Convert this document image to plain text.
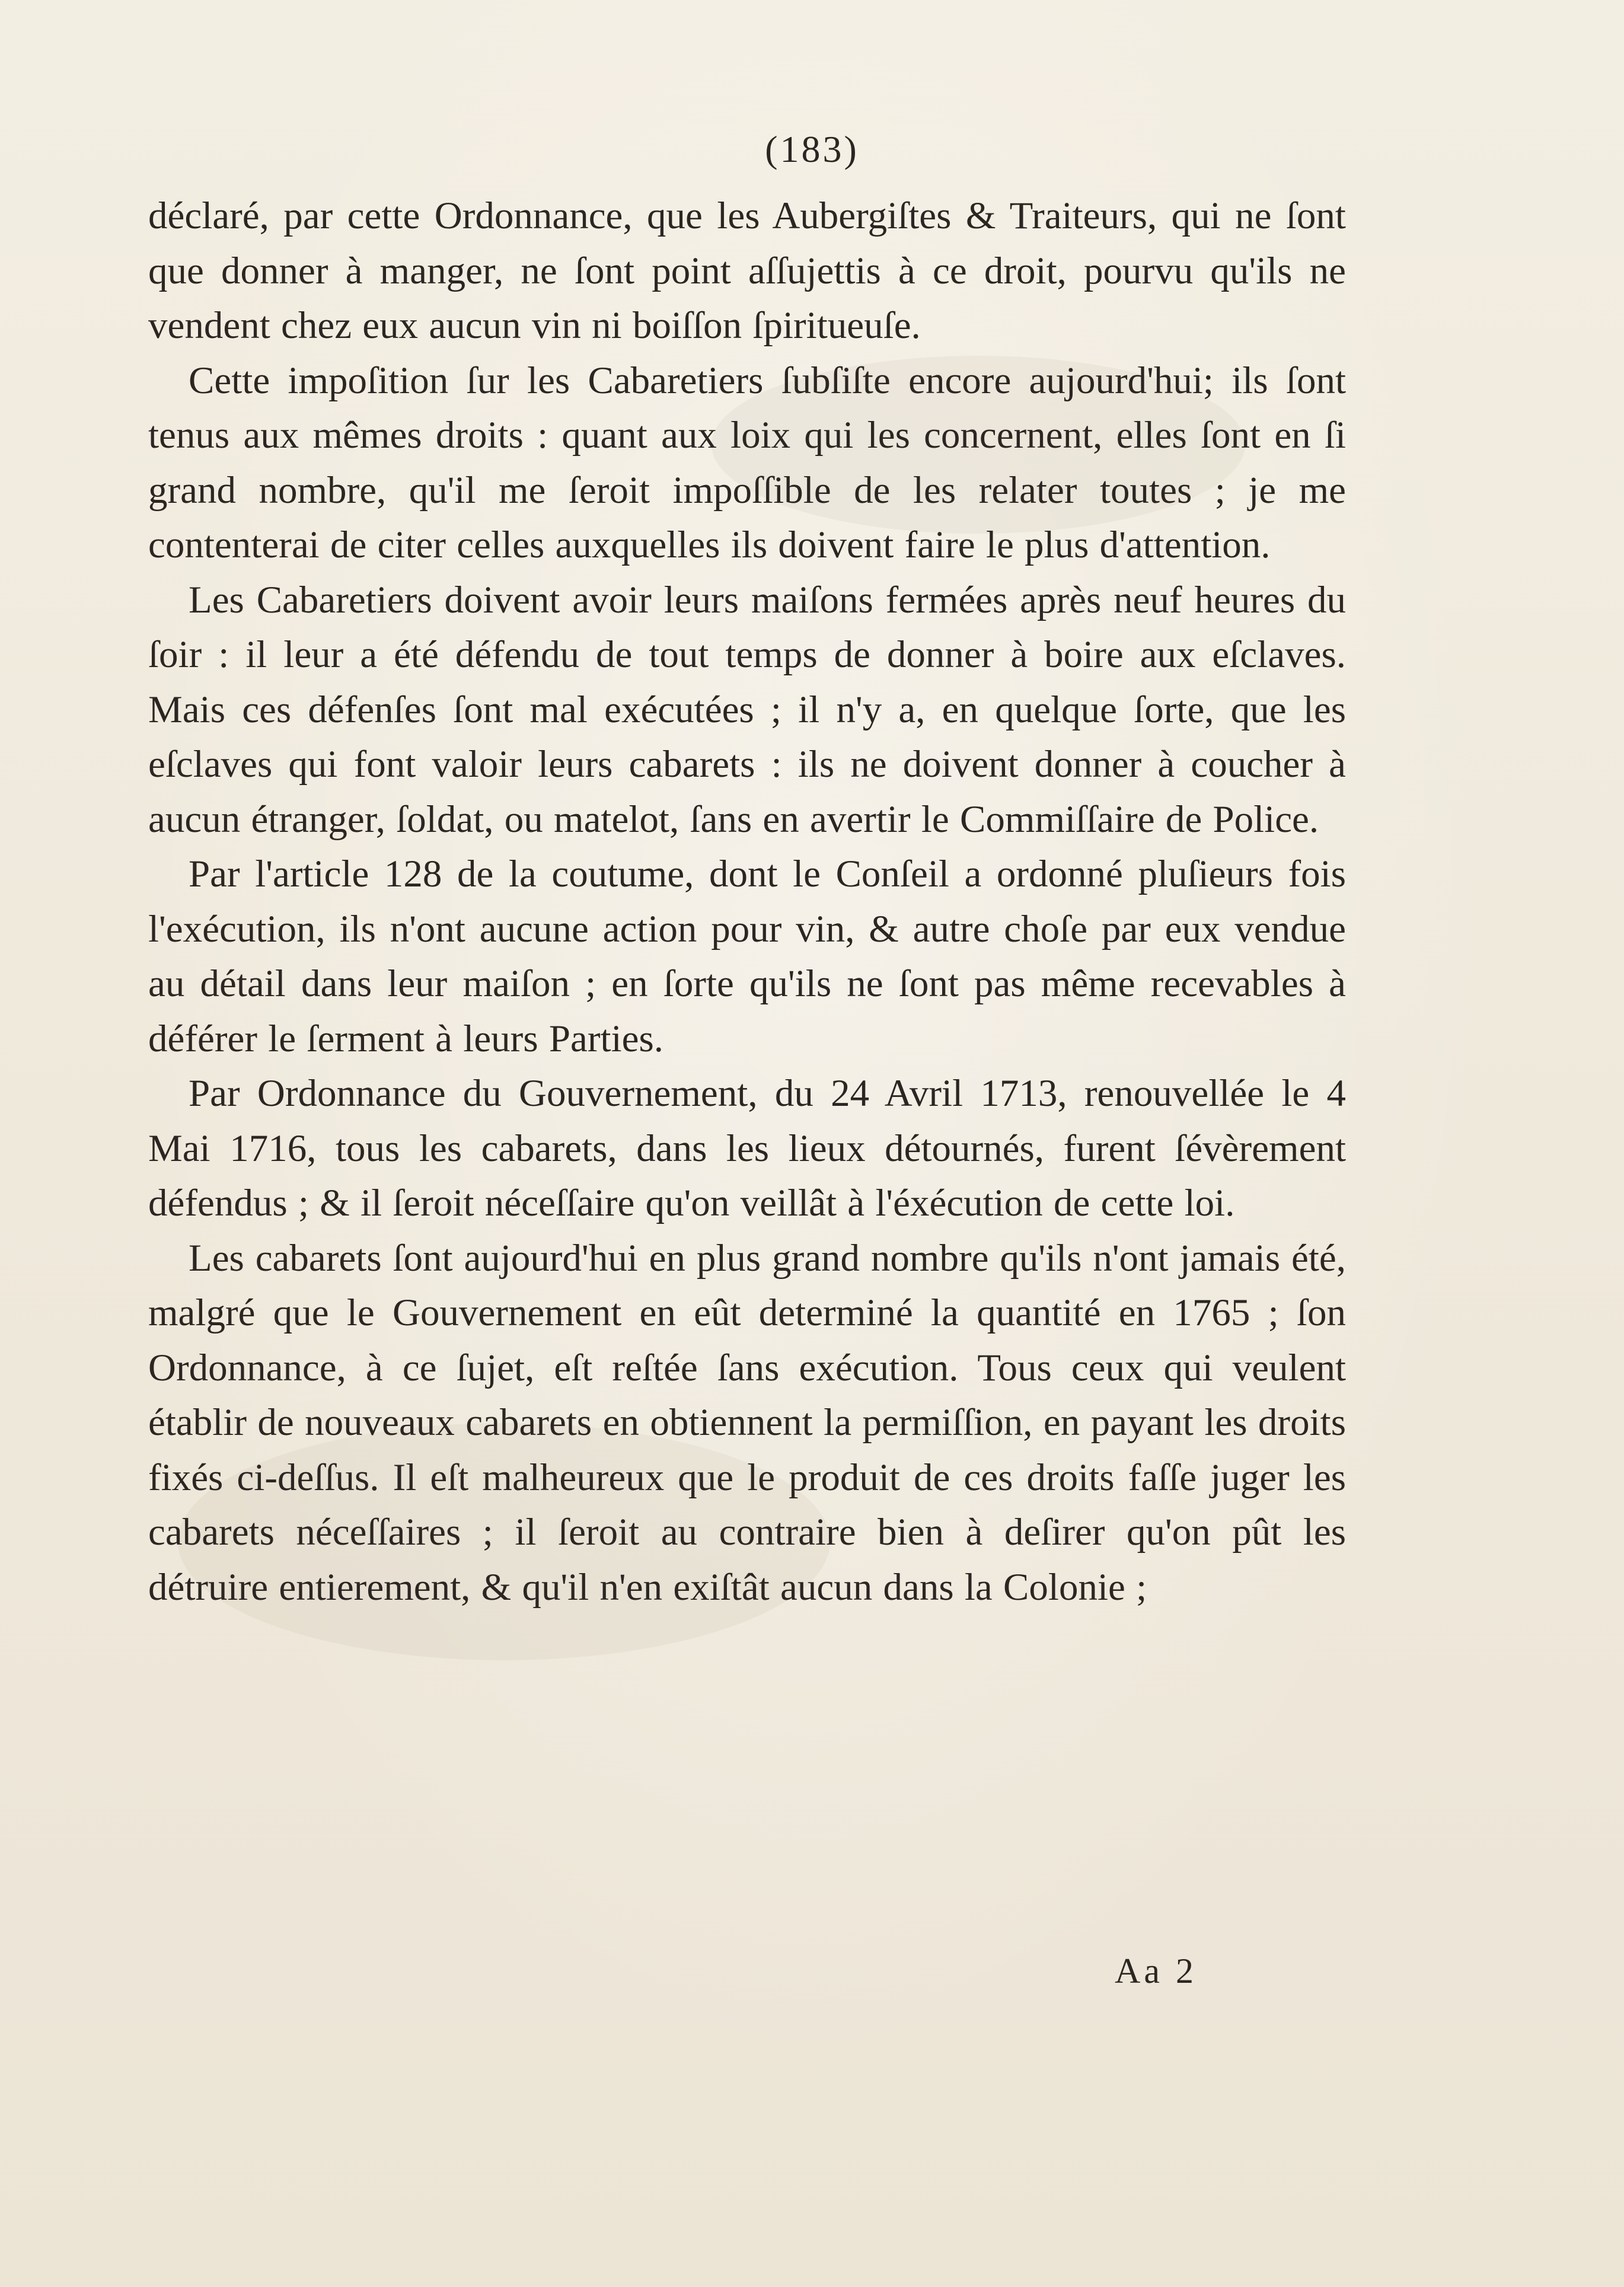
(183)

déclaré, par cette Ordonnance, que les Aubergiſtes & Traiteurs, qui ne ſont que donner à manger, ne ſont point aſſujettis à ce droit, pourvu qu'ils ne vendent chez eux aucun vin ni boiſſon ſpiritueuſe.

Cette impoſition ſur les Cabaretiers ſubſiſte encore aujourd'hui; ils ſont tenus aux mêmes droits : quant aux loix qui les concernent, elles ſont en ſi grand nombre, qu'il me ſeroit impoſſible de les relater toutes ; je me contenterai de citer celles auxquelles ils doivent faire le plus d'attention.

Les Cabaretiers doivent avoir leurs maiſons fermées après neuf heures du ſoir : il leur a été défendu de tout temps de donner à boire aux eſclaves. Mais ces défenſes ſont mal exécutées ; il n'y a, en quelque ſorte, que les eſclaves qui font valoir leurs cabarets : ils ne doivent donner à coucher à aucun étranger, ſoldat, ou matelot, ſans en avertir le Commiſſaire de Police.

Par l'article 128 de la coutume, dont le Conſeil a ordonné pluſieurs fois l'exécution, ils n'ont aucune action pour vin, & autre choſe par eux vendue au détail dans leur maiſon ; en ſorte qu'ils ne ſont pas même recevables à déférer le ſerment à leurs Parties.

Par Ordonnance du Gouvernement, du 24 Avril 1713, renouvellée le 4 Mai 1716, tous les cabarets, dans les lieux détournés, furent ſévèrement défendus ; & il ſeroit néceſſaire qu'on veillât à l'éxécution de cette loi.

Les cabarets ſont aujourd'hui en plus grand nombre qu'ils n'ont jamais été, malgré que le Gouvernement en eût determiné la quantité en 1765 ; ſon Ordonnance, à ce ſujet, eſt reſtée ſans exécution. Tous ceux qui veulent établir de nouveaux cabarets en obtiennent la permiſſion, en payant les droits fixés ci-deſſus. Il eſt malheureux que le produit de ces droits faſſe juger les cabarets néceſſaires ; il ſeroit au contraire bien à deſirer qu'on pût les détruire entierement, & qu'il n'en exiſtât aucun dans la Colonie ;

Aa 2
